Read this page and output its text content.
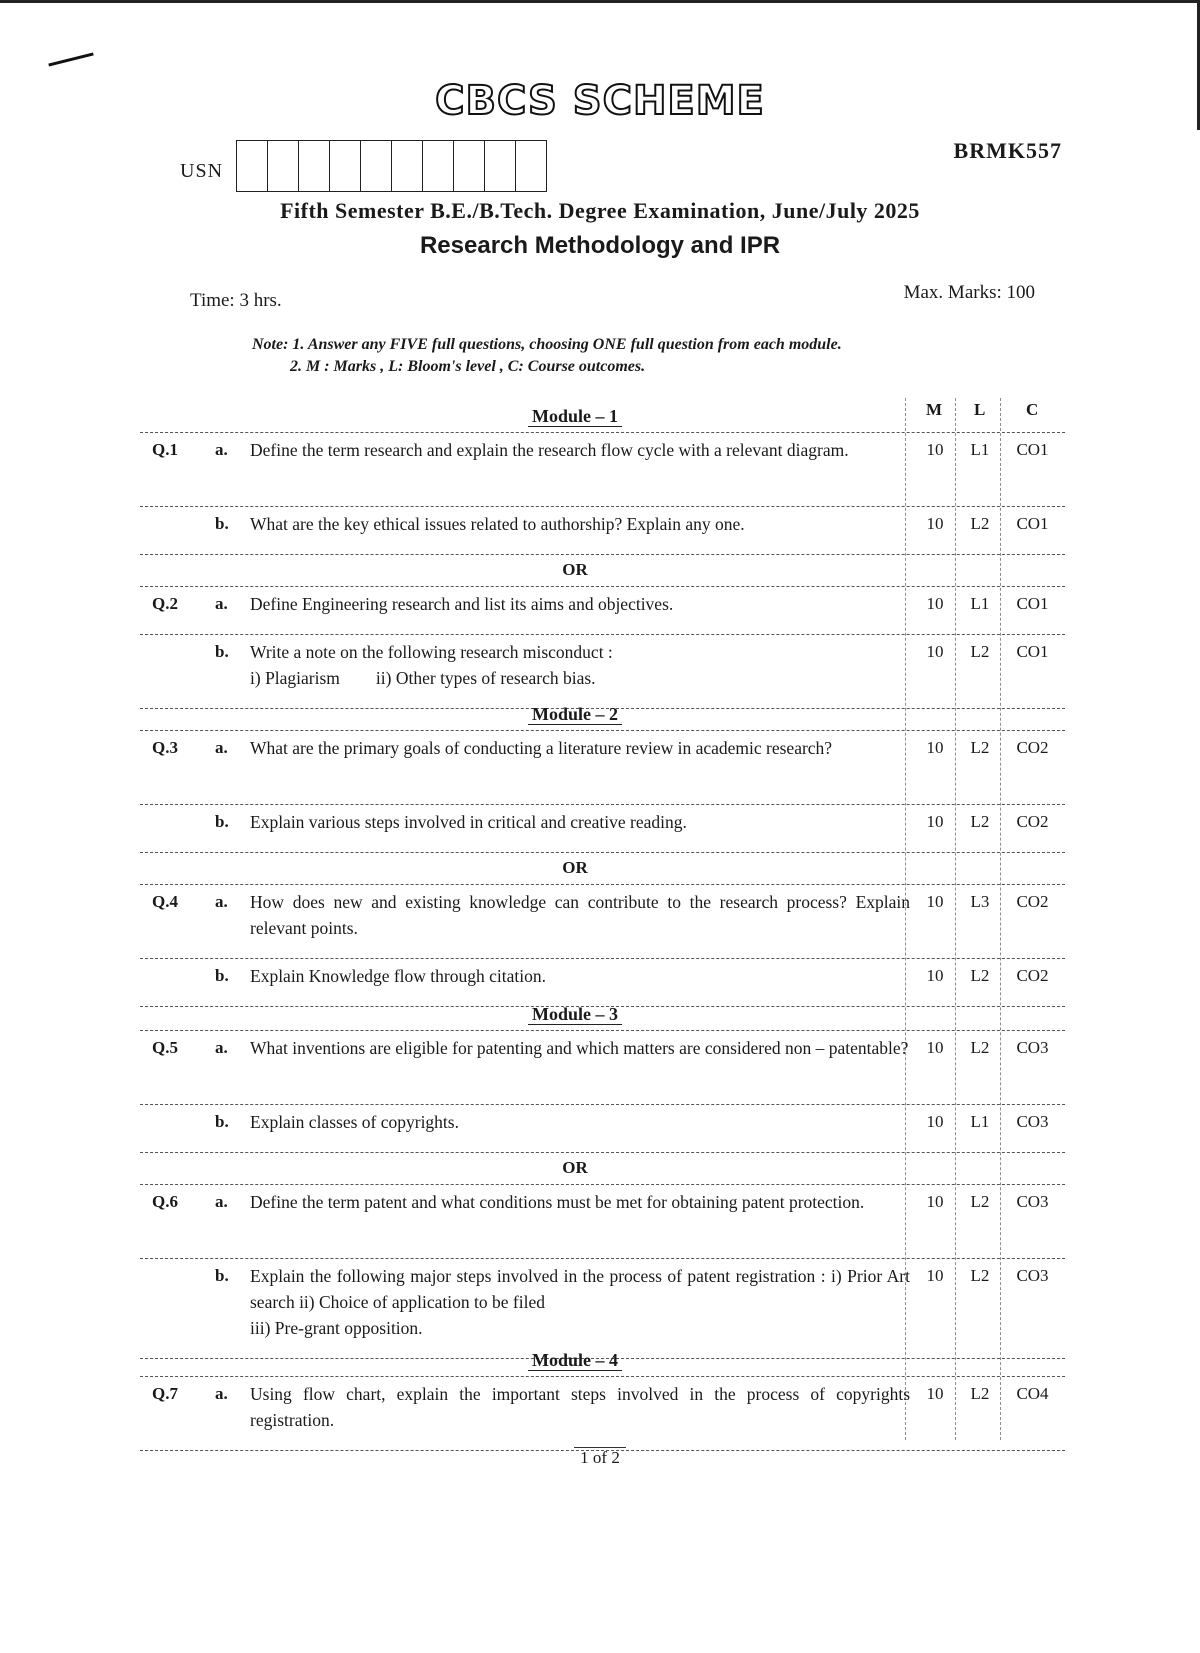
CBCS SCHEME
USN
BRMK557
Fifth Semester B.E./B.Tech. Degree Examination, June/July 2025
Research Methodology and IPR
Time: 3 hrs.	Max. Marks: 100
Note: 1. Answer any FIVE full questions, choosing ONE full question from each module.
2. M : Marks , L: Bloom's level , C: Course outcomes.
M L C
Module – 1
Q.1 a. Define the term research and explain the research flow cycle with a relevant diagram.	10	L1	CO1
b. What are the key ethical issues related to authorship? Explain any one.	10	L2	CO1
OR
Q.2 a. Define Engineering research and list its aims and objectives.	10	L1	CO1
b. Write a note on the following research misconduct :
i) Plagiarism ii) Other types of research bias.
10	L2	CO1
Module – 2
Q.3 a. What are the primary goals of conducting a literature review in academic research?	10	L2	CO2
b. Explain various steps involved in critical and creative reading.	10	L2	CO2
OR
Q.4 a. How does new and existing knowledge can contribute to the research process? Explain relevant points.
10	L3	CO2
b. Explain Knowledge flow through citation.	10	L2	CO2
Module – 3
Q.5 a. What inventions are eligible for patenting and which matters are considered non – patentable?	10	L2	CO3
b. Explain classes of copyrights.	10	L1	CO3
OR
Q.6 a. Define the term patent and what conditions must be met for obtaining patent protection.	10	L2	CO3
b. Explain the following major steps involved in the process of patent registration : i) Prior Art search ii) Choice of application to be filed
iii) Pre-grant opposition.
10	L2	CO3
Module – 4
Q.7 a. Using flow chart, explain the important steps involved in the process of copyrights registration.
10	L2	CO4
1 of 2
